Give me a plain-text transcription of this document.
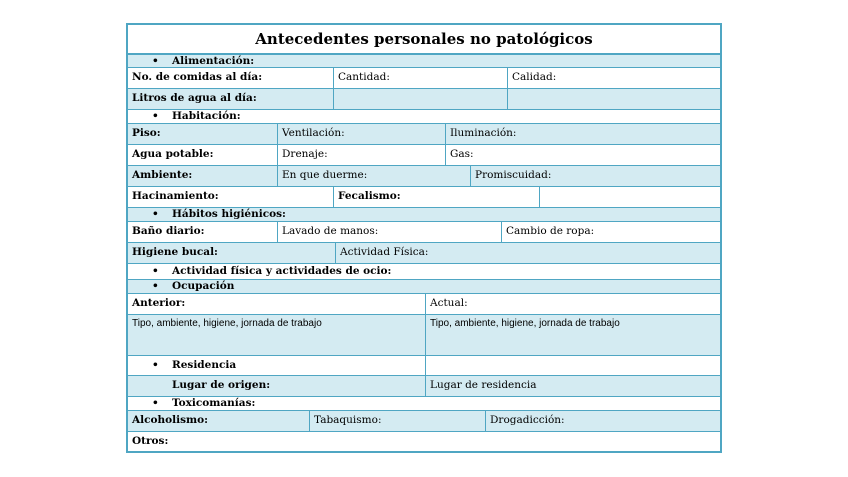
Antecedentes personales no patológicos
• Alimentación:
No. de comidas al día:	Cantidad:	Calidad:
Litros de agua al día:
• Habitación:
Piso:	Ventilación:	Iluminación:
Agua potable:	Drenaje:	Gas:
Ambiente:	En que duerme:	Promiscuidad:
Hacinamiento:	Fecalismo:
• Hábitos higiénicos:
Baño diario:	Lavado de manos:	Cambio de ropa:
Higiene bucal:	Actividad Física:
• Actividad física y actividades de ocio:
• Ocupación
Anterior:	Actual:
Tipo, ambiente, higiene, jornada de trabajo	Tipo, ambiente, higiene, jornada de trabajo
• Residencia
Lugar de origen:	Lugar de residencia
• Toxicomanías:
Alcoholismo:	Tabaquismo:	Drogadicción:
Otros:
